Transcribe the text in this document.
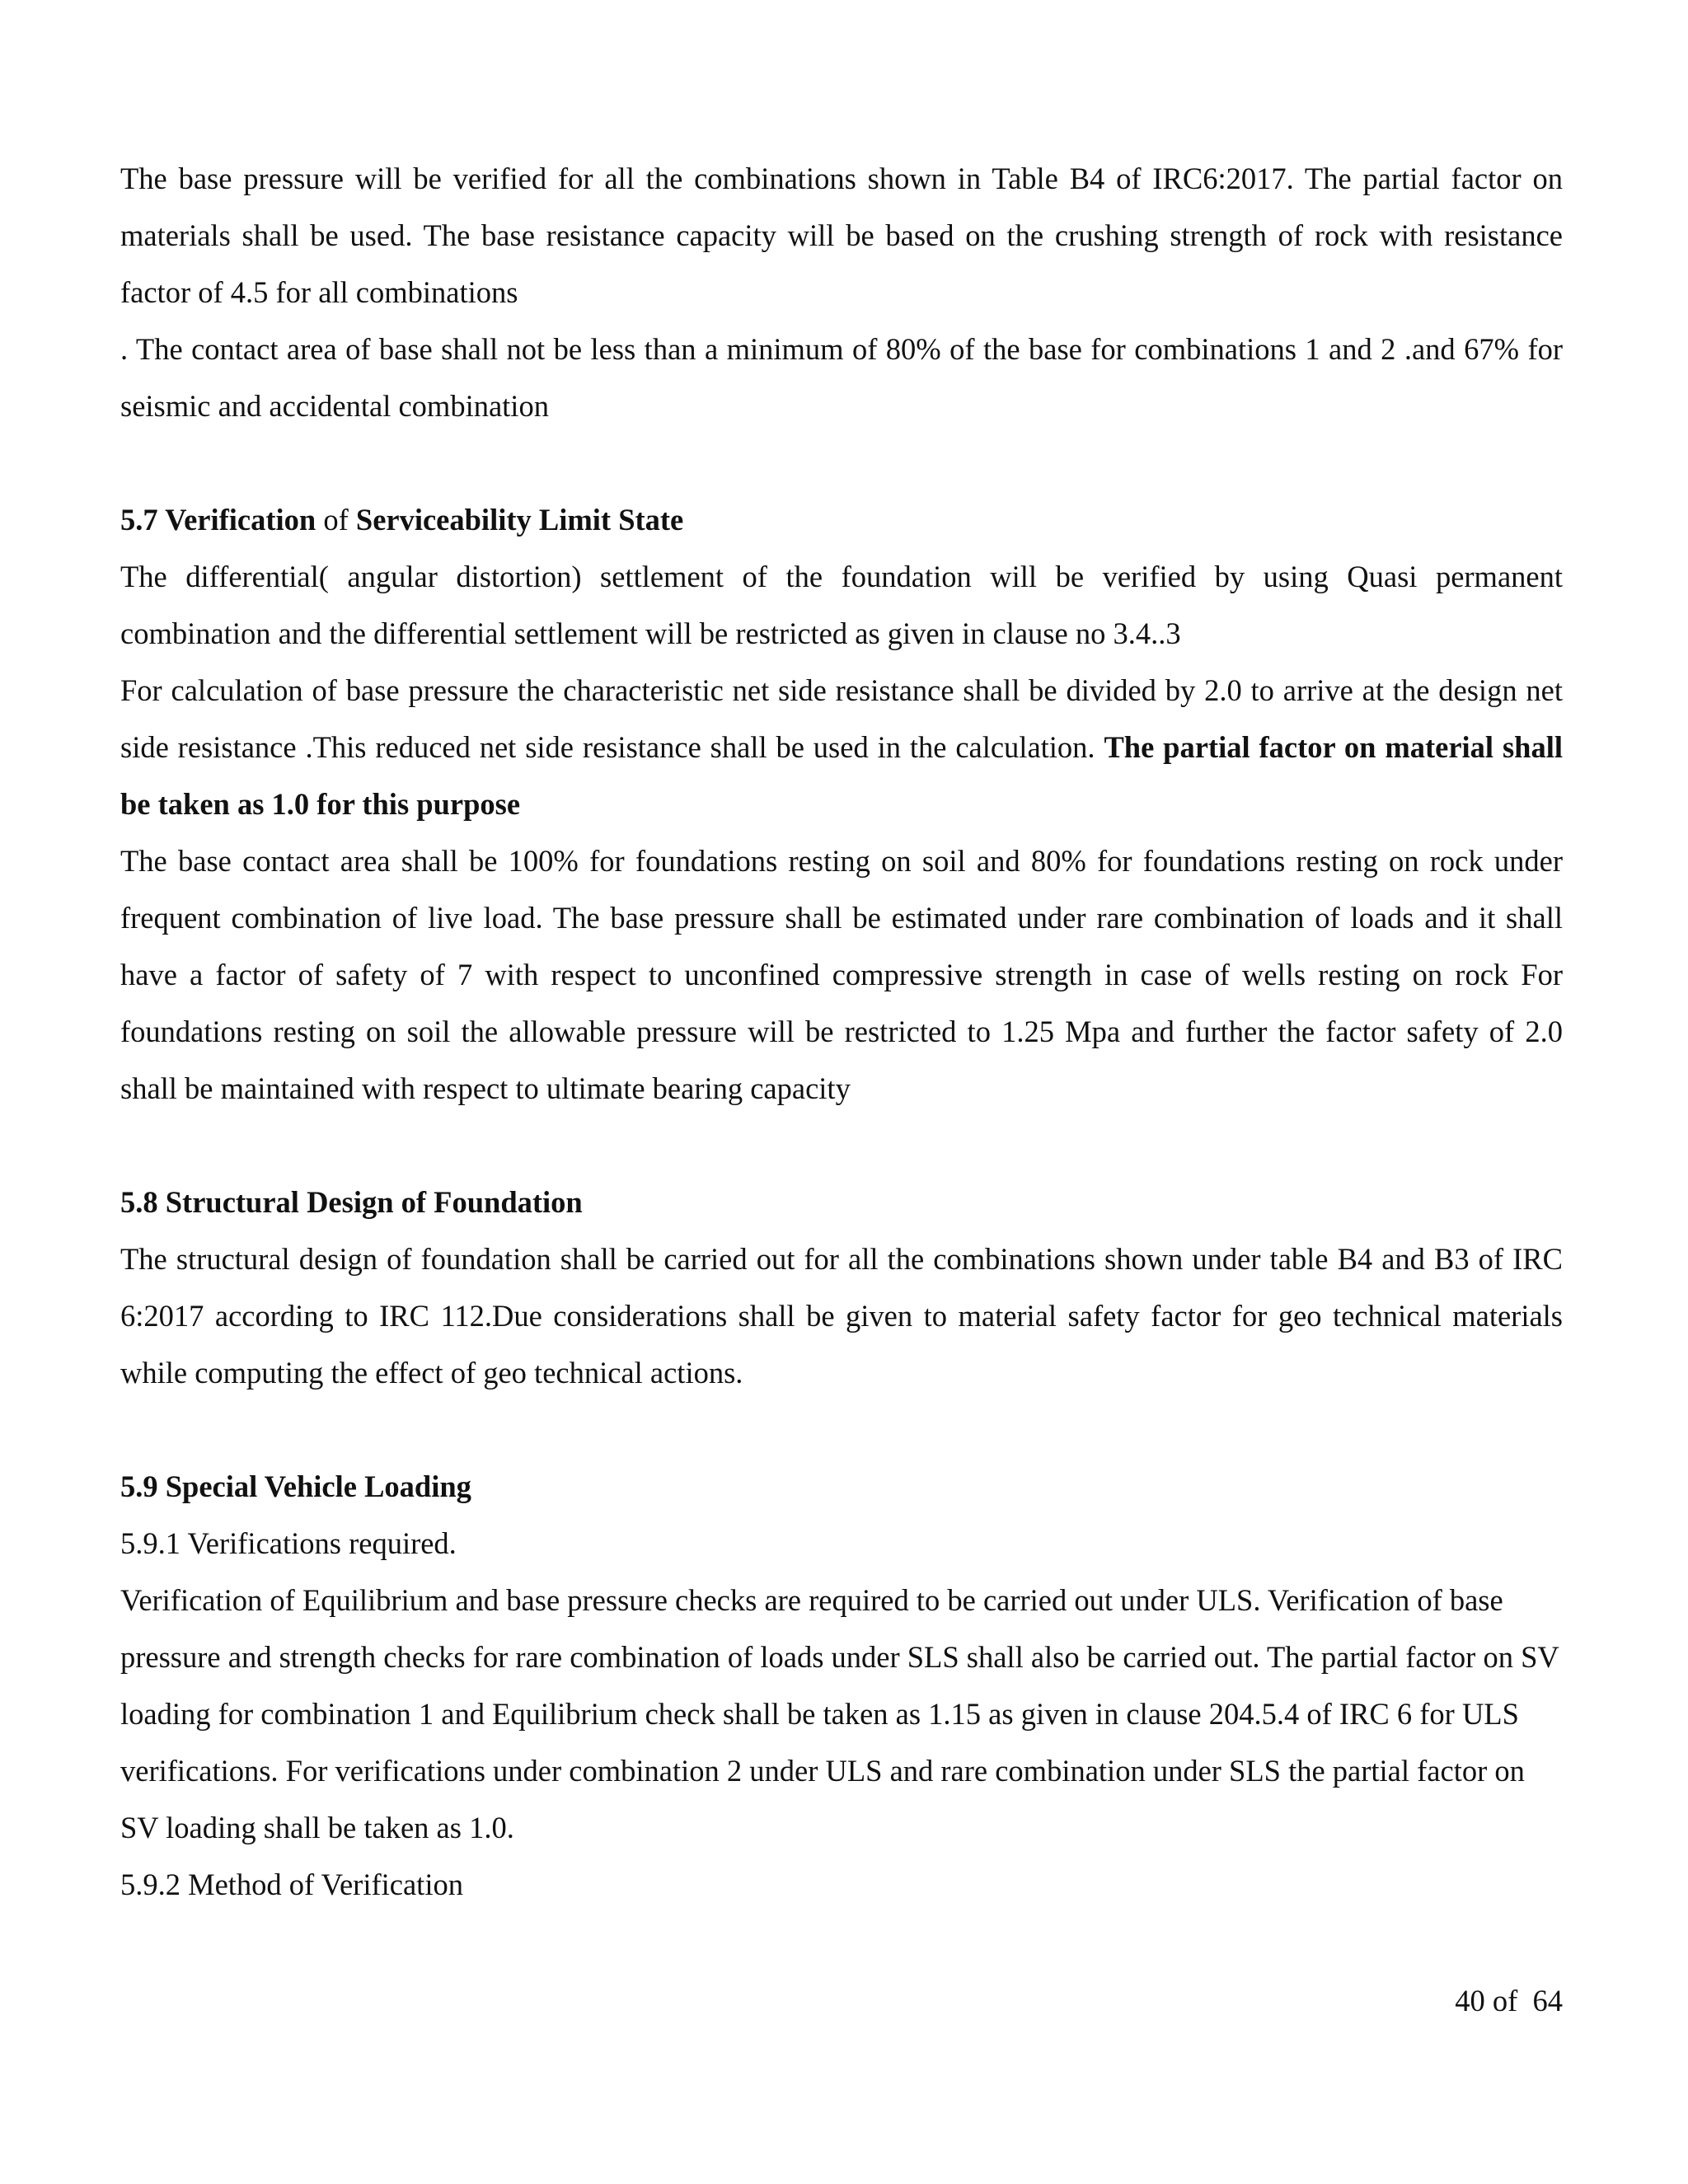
The base pressure will be verified for all the combinations shown in Table B4 of IRC6:2017. The partial factor on materials shall be used. The base resistance capacity will be based on the crushing strength of rock with resistance factor of 4.5 for all combinations

. The contact area of base shall not be less than a minimum of 80% of the base for combinations 1 and 2 .and 67% for seismic and accidental combination

5.7 Verification of Serviceability Limit State

The differential( angular distortion) settlement of the foundation will be verified by using Quasi permanent combination and the differential settlement will be restricted as given in clause no 3.4..3

For calculation of base pressure the characteristic net side resistance shall be divided by 2.0 to arrive at the design net side resistance .This reduced net side resistance shall be used in the calculation. The partial factor on material shall be taken as 1.0 for this purpose

The base contact area shall be 100% for foundations resting on soil and 80% for foundations resting on rock under frequent combination of live load. The base pressure shall be estimated under rare combination of loads and it shall have a factor of safety of 7 with respect to unconfined compressive strength in case of wells resting on rock For foundations resting on soil the allowable pressure will be restricted to 1.25 Mpa and further the factor safety of 2.0 shall be maintained with respect to ultimate bearing capacity

5.8 Structural Design of Foundation

The structural design of foundation shall be carried out for all the combinations shown under table B4 and B3 of IRC 6:2017 according to IRC 112.Due considerations shall be given to material safety factor for geo technical materials while computing the effect of geo technical actions.

5.9 Special Vehicle Loading

5.9.1 Verifications required.

Verification of Equilibrium and base pressure checks are required to be carried out under ULS. Verification of base pressure and strength checks for rare combination of loads under SLS shall also be carried out. The partial factor on SV loading for combination 1 and Equilibrium check shall be taken as 1.15 as given in clause 204.5.4 of IRC 6 for ULS verifications. For verifications under combination 2 under ULS and rare combination under SLS the partial factor on SV loading shall be taken as 1.0.

5.9.2 Method of Verification

40 of  64
